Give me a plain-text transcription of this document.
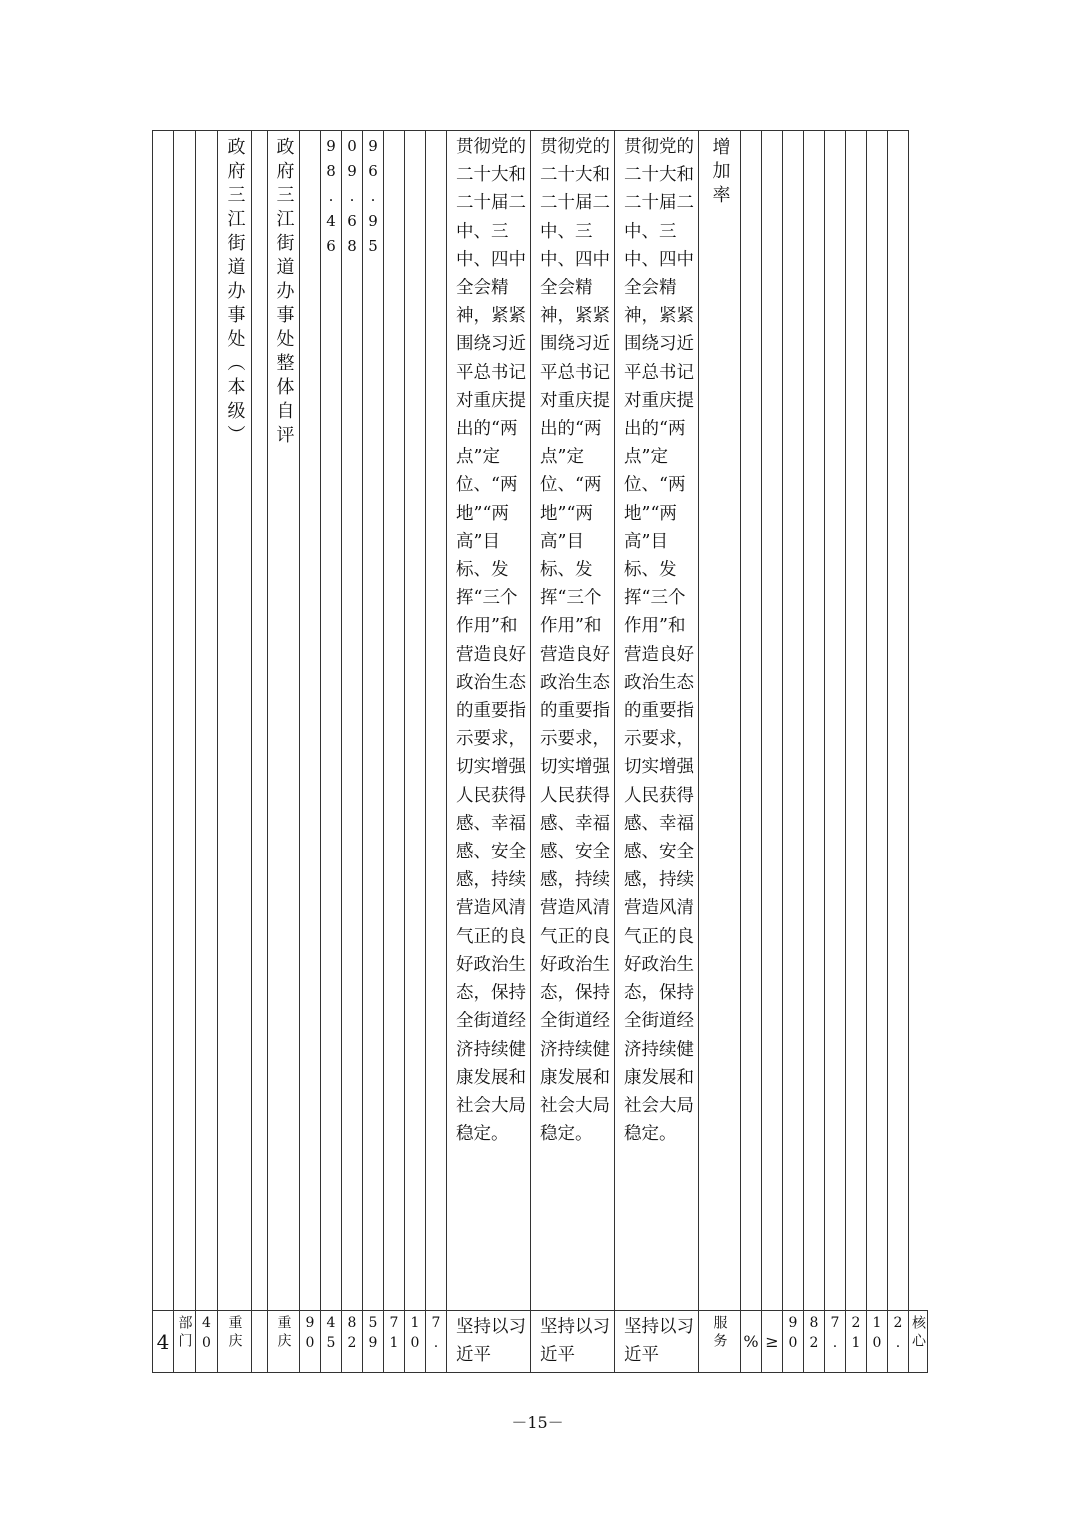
			政府三江街道办事处（本级）		政府三江街道办事处整体自评		98.46	09.68	96.95				贯彻党的二十大和二十届二中、三中、四中全会精神，紧紧围绕习近平总书记对重庆提出的“两点”定位、“两地”“两高”目标、发挥“三个作用”和营造良好政治生态的重要指示要求，切实增强人民获得感、幸福感、安全感，持续营造风清气正的良好政治生态，保持全街道经济持续健康发展和社会大局稳定。	贯彻党的二十大和二十届二中、三中、四中全会精神，紧紧围绕习近平总书记对重庆提出的“两点”定位、“两地”“两高”目标、发挥“三个作用”和营造良好政治生态的重要指示要求，切实增强人民获得感、幸福感、安全感，持续营造风清气正的良好政治生态，保持全街道经济持续健康发展和社会大局稳定。	贯彻党的二十大和二十届二中、三中、四中全会精神，紧紧围绕习近平总书记对重庆提出的“两点”定位、“两地”“两高”目标、发挥“三个作用”和营造良好政治生态的重要指示要求，切实增强人民获得感、幸福感、安全感，持续营造风清气正的良好政治生态，保持全街道经济持续健康发展和社会大局稳定。	增加率									

4	部门	40	重庆		重庆	90	45	82	59	71	10	7.	坚持以习近平	坚持以习近平	坚持以习近平	服务	%	≥	90	82	7.	21	10	2.	核心
－15－
